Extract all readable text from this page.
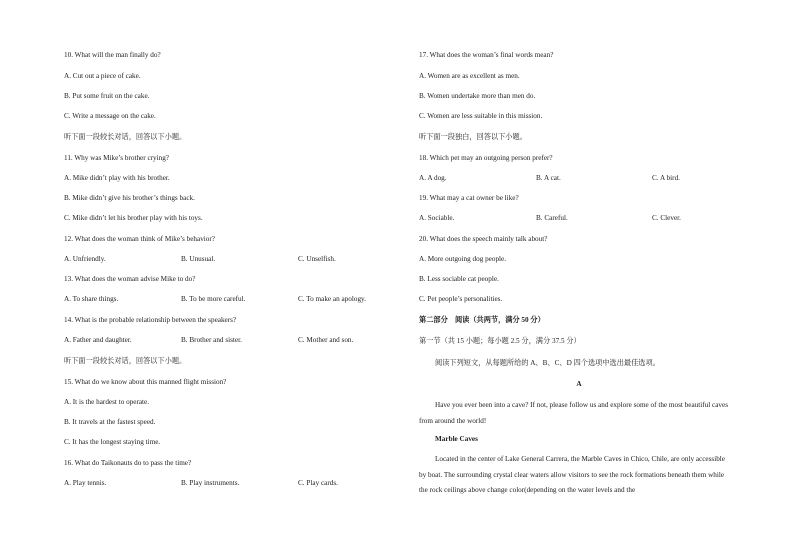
10. What will the man finally do?
A. Cut out a piece of cake.
B. Put some fruit on the cake.
C. Write a message on the cake.
听下面一段较长对话，回答以下小题。
11. Why was Mike’s brother crying?
A. Mike didn’t play with his brother.
B. Mike didn’t give his brother’s things back.
C. Mike didn’t let his brother play with his toys.
12. What does the woman think of Mike’s behavior?
A. Unfriendly.	B. Unusual.	C. Unselfish.
13. What does the woman advise Mike to do?
A. To share things.	B. To be more careful.	C. To make an apology.
14. What is the probable relationship between the speakers?
A. Father and daughter.	B. Brother and sister.	C. Mother and son.
听下面一段较长对话，回答以下小题。
15. What do we know about this manned flight mission?
A. It is the hardest to operate.
B. It travels at the fastest speed.
C. It has the longest staying time.
16. What do Taikonauts do to pass the time?
A. Play tennis.	B. Play instruments.	C. Play cards.
17. What does the woman’s final words mean?
A. Women are as excellent as men.
B. Women undertake more than men do.
C. Women are less suitable in this mission.
听下面一段独白，回答以下小题。
18. Which pet may an outgoing person prefer?
A. A dog.	B. A cat.	C. A bird.
19. What may a cat owner be like?
A. Sociable.	B. Careful.	C. Clever.
20. What does the speech mainly talk about?
A. More outgoing dog people.
B. Less sociable cat people.
C. Pet people’s personalities.
第二部分　阅读（共两节，满分 50 分）
第一节（共 15 小题；每小题 2.5 分，满分 37.5 分）
阅读下列短文，从每题所给的 A、B、C、D 四个选项中选出最佳选项。
A
Have you ever been into a cave? If not, please follow us and explore some of the most beautiful caves from around the world!
Marble Caves
Located in the center of Lake General Carrera, the Marble Caves in Chico, Chile, are only accessible by boat. The surrounding crystal clear waters allow visitors to see the rock formations beneath them while the rock ceilings above change color(depending on the water levels and the
